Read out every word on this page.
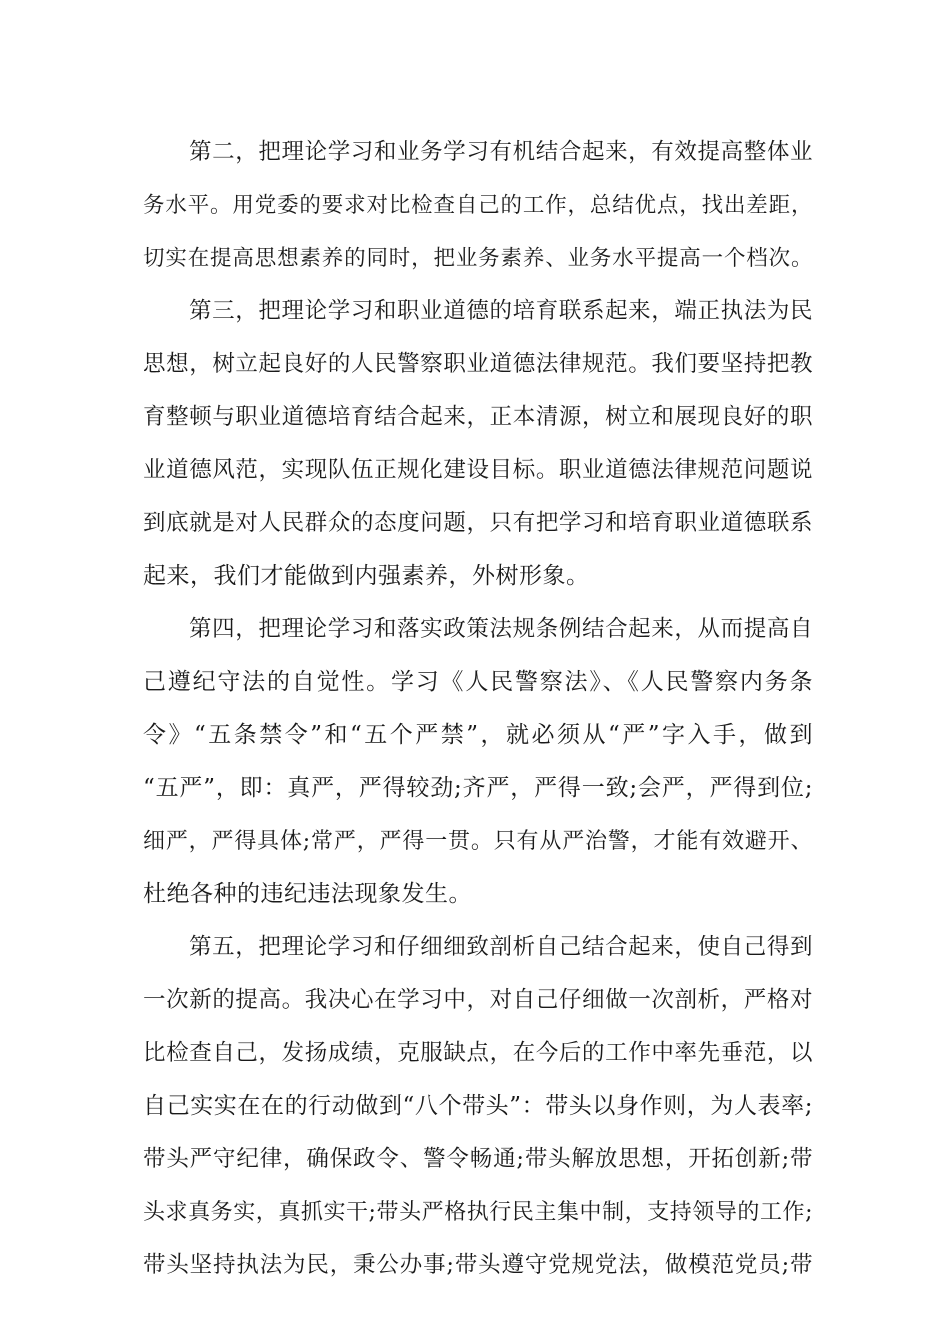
第二，把理论学习和业务学习有机结合起来，有效提高整体业
务水平。用党委的要求对比检查自己的工作，总结优点，找出差距，
切实在提高思想素养的同时，把业务素养、业务水平提高一个档次。
第三，把理论学习和职业道德的培育联系起来，端正执法为民
思想，树立起良好的人民警察职业道德法律规范。我们要坚持把教
育整顿与职业道德培育结合起来，正本清源，树立和展现良好的职
业道德风范，实现队伍正规化建设目标。职业道德法律规范问题说
到底就是对人民群众的态度问题，只有把学习和培育职业道德联系
起来，我们才能做到内强素养，外树形象。
第四，把理论学习和落实政策法规条例结合起来，从而提高自
己遵纪守法的自觉性。学习《人民警察法》、《人民警察内务条
令》“五条禁令”和“五个严禁”，就必须从“严”字入手，做到
“五严”，即：真严，严得较劲;齐严，严得一致;会严，严得到位;
细严，严得具体;常严，严得一贯。只有从严治警，才能有效避开、
杜绝各种的违纪违法现象发生。
第五，把理论学习和仔细细致剖析自己结合起来，使自己得到
一次新的提高。我决心在学习中，对自己仔细做一次剖析，严格对
比检查自己，发扬成绩，克服缺点，在今后的工作中率先垂范，以
自己实实在在的行动做到“八个带头”：带头以身作则，为人表率;
带头严守纪律，确保政令、警令畅通;带头解放思想，开拓创新;带
头求真务实，真抓实干;带头严格执行民主集中制，支持领导的工作;
带头坚持执法为民，秉公办事;带头遵守党规党法，做模范党员;带
